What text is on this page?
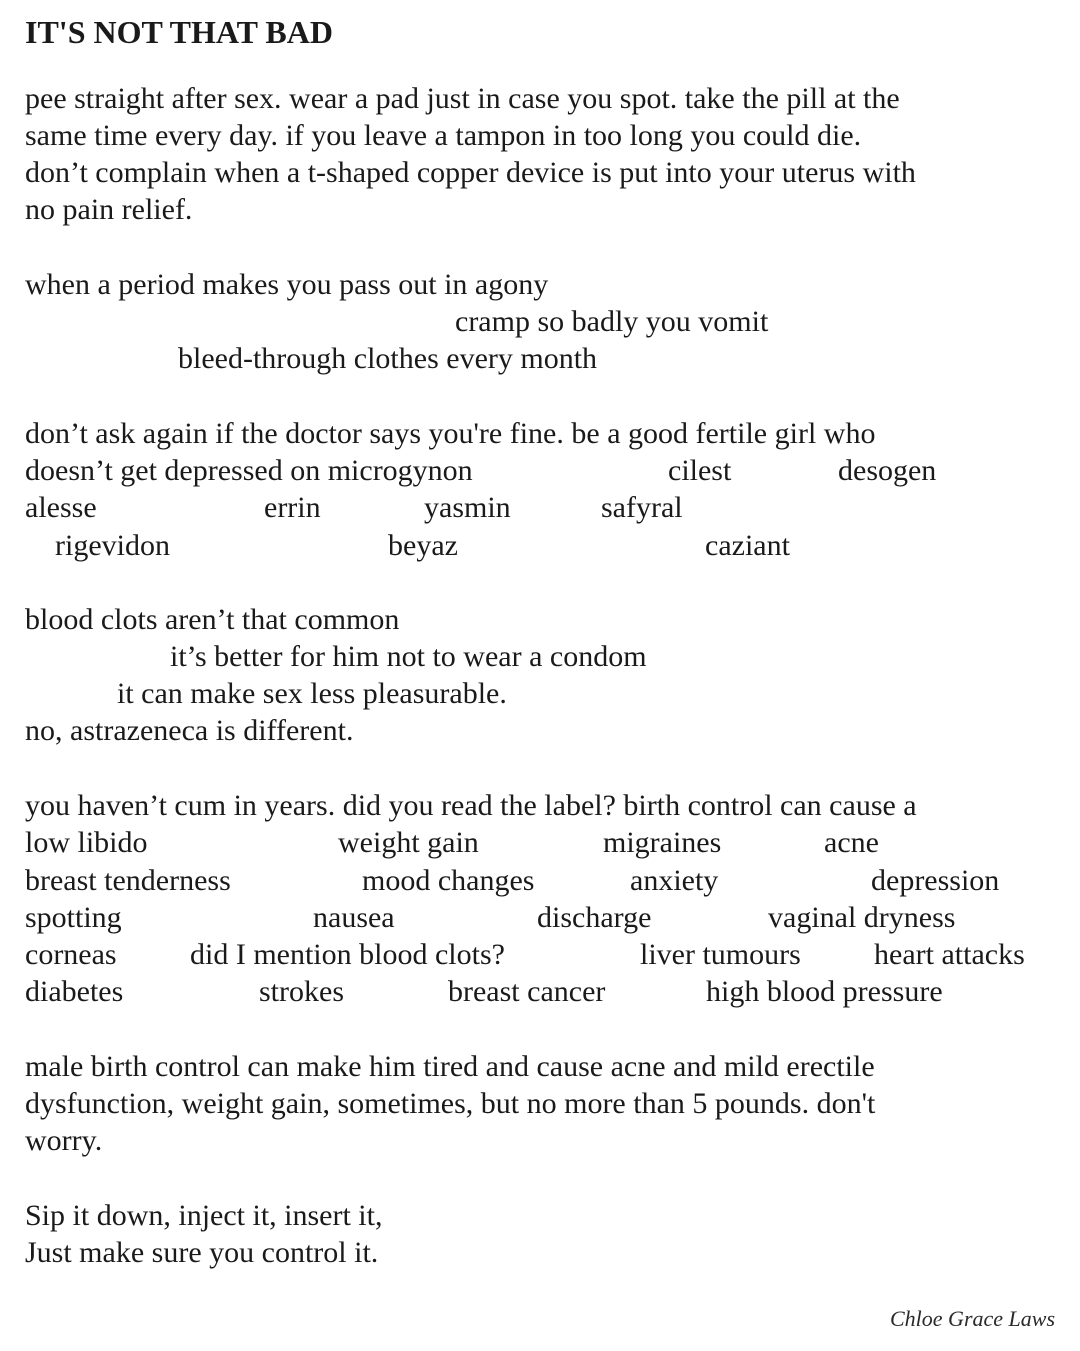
IT'S NOT THAT BAD
pee straight after sex. wear a pad just in case you spot. take the pill at the
same time every day. if you leave a tampon in too long you could die.
don’t complain when a t-shaped copper device is put into your uterus with
no pain relief.
when a period makes you pass out in agony
cramp so badly you vomit
bleed-through clothes every month
don’t ask again if the doctor says you're fine. be a good fertile girl who
doesn’t get depressed on microgynon	cilest	desogen
alesse	errin	yasmin	safyral
rigevidon	beyaz	caziant
blood clots aren’t that common
it’s better for him not to wear a condom
it can make sex less pleasurable.
no, astrazeneca is different.
you haven’t cum in years. did you read the label? birth control can cause a
low libido	weight gain	migraines	acne
breast tenderness	mood changes	anxiety	depression
spotting	nausea	discharge	vaginal dryness
corneas did I mention blood clots?	liver tumours heart attacks
diabetes	strokes	breast cancer	high blood pressure
male birth control can make him tired and cause acne and mild erectile
dysfunction, weight gain, sometimes, but no more than 5 pounds. don't
worry.
Sip it down, inject it, insert it,
Just make sure you control it.
Chloe Grace Laws
